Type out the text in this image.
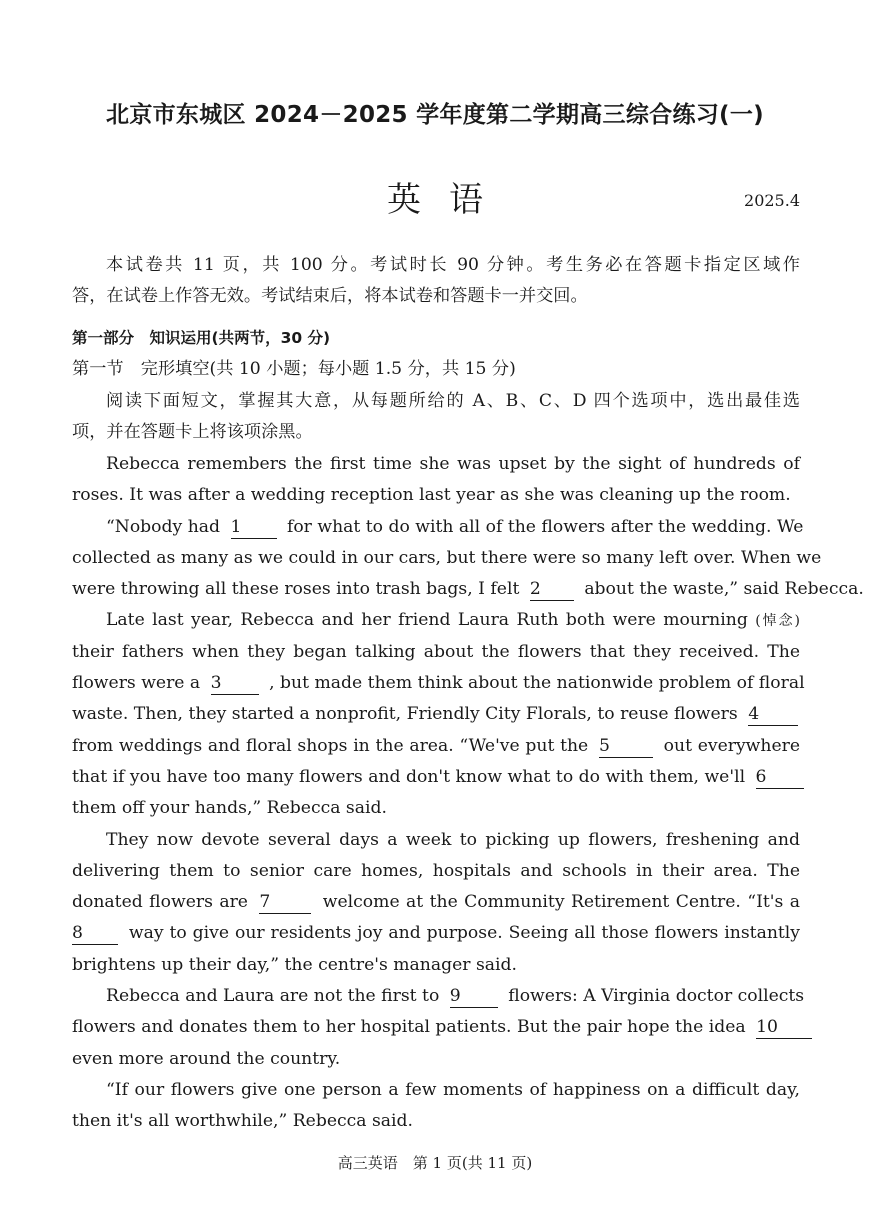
北京市东城区 2024－2025 学年度第二学期高三综合练习(一)
英语	2025.4
本试卷共 11 页，共 100 分。考试时长 90 分钟。考生务必在答题卡指定区域作
答，在试卷上作答无效。考试结束后，将本试卷和答题卡一并交回。
第一部分　知识运用(共两节，30 分)
第一节　完形填空(共 10 小题；每小题 1.5 分，共 15 分)
阅读下面短文，掌握其大意，从每题所给的 A、B、C、D 四个选项中，选出最佳选
项，并在答题卡上将该项涂黑。
Rebecca remembers the first time she was upset by the sight of hundreds of
roses. It was after a wedding reception last year as she was cleaning up the room.
“Nobody had 1	for what to do with all of the flowers after the wedding. We
collected as many as we could in our cars, but there were so many left over. When we
were throwing all these roses into trash bags, I felt 2	about the waste,” said Rebecca.
Late last year, Rebecca and her friend Laura Ruth both were mourning (悼念)
their fathers when they began talking about the flowers that they received. The
flowers were a 3	, but made them think about the nationwide problem of floral
waste. Then, they started a nonprofit, Friendly City Florals, to reuse flowers 4
from weddings and floral shops in the area. “We've put the 5	out everywhere
that if you have too many flowers and don't know what to do with them, we'll 6
them off your hands,” Rebecca said.
They now devote several days a week to picking up flowers, freshening and
delivering them to senior care homes, hospitals and schools in their area. The
donated flowers are 7	welcome at the Community Retirement Centre. “It's a
8	way to give our residents joy and purpose. Seeing all those flowers instantly
brightens up their day,” the centre's manager said.
Rebecca and Laura are not the first to 9	flowers: A Virginia doctor collects
flowers and donates them to her hospital patients. But the pair hope the idea 10
even more around the country.
“If our flowers give one person a few moments of happiness on a difficult day,
then it's all worthwhile,” Rebecca said.
高三英语　第 1 页(共 11 页)
